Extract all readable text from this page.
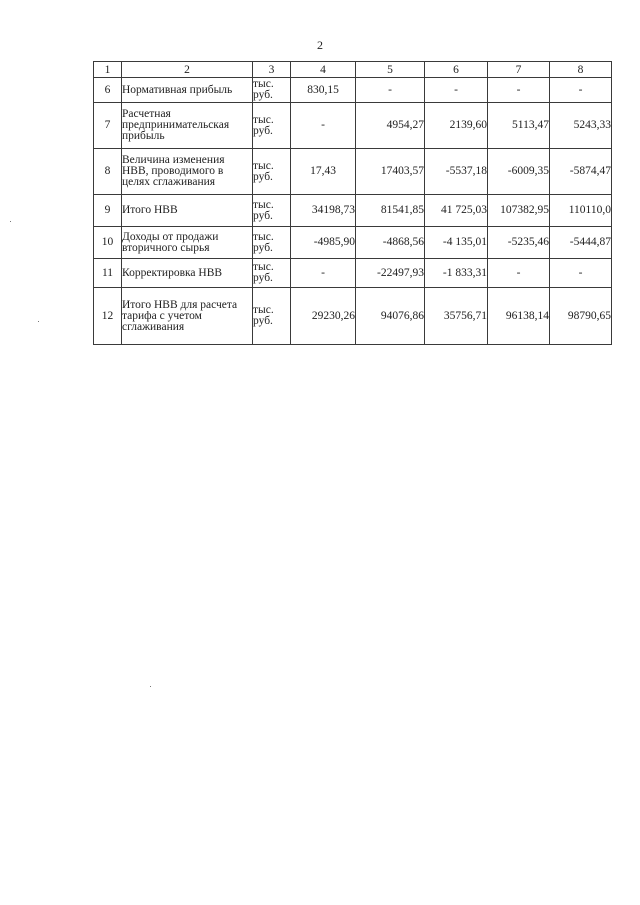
2
1	2	3	4	5	6	7	8
6	Нормативная прибыль	тыс. руб.	830,15	-	-	-	-
7	Расчетная предпринимательская прибыль	тыс. руб.	-	4954,27	2139,60	5113,47	5243,33
8	Величина изменения НВВ, проводимого в целях сглаживания	тыс. руб.	17,43	17403,57	-5537,18	-6009,35	-5874,47
9	Итого НВВ	тыс. руб.	34198,73	81541,85	41 725,03	107382,95	110110,0
10	Доходы от продажи вторичного сырья	тыс. руб.	-4985,90	-4868,56	-4 135,01	-5235,46	-5444,87
11	Корректировка НВВ	тыс. руб.	-	-22497,93	-1 833,31	-	-
12	Итого НВВ для расчета тарифа с учетом сглаживания	тыс. руб.	29230,26	94076,86	35756,71	96138,14	98790,65
